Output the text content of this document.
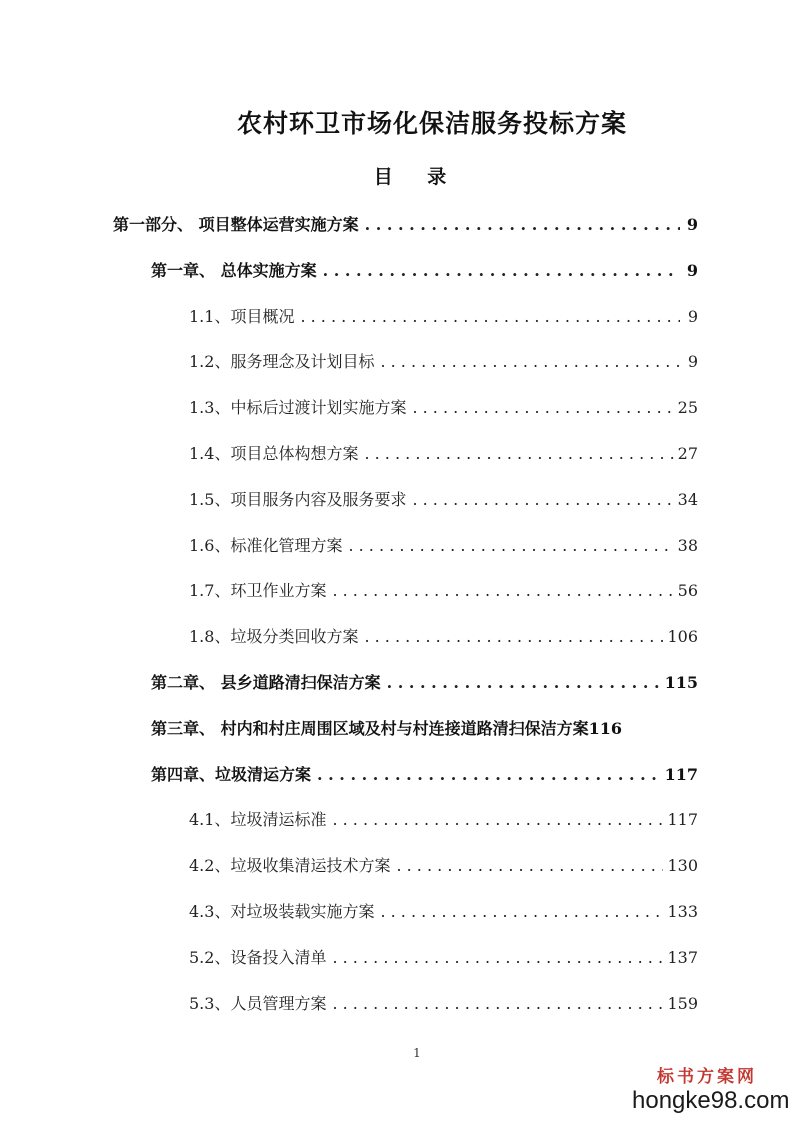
农村环卫市场化保洁服务投标方案
目 录
第一部分、 项目整体运营实施方案 . . .	9
第一章、 总体实施方案 . . .	9
1.1、项目概况 . . .	9
1.2、服务理念及计划目标 . . .	9
1.3、中标后过渡计划实施方案 . . .	25
1.4、项目总体构想方案 . . .	27
1.5、项目服务内容及服务要求 . . .	34
1.6、标准化管理方案 . . .	38
1.7、环卫作业方案 . . .	56
1.8、垃圾分类回收方案 . . .	106
第二章、 县乡道路清扫保洁方案 . . .	115
第三章、 村内和村庄周围区域及村与村连接道路清扫保洁方案 116
第四章、垃圾清运方案 . . .	117
4.1、垃圾清运标准 . . .	117
4.2、垃圾收集清运技术方案 . . .	130
4.3、对垃圾装载实施方案 . . .	133
5.2、设备投入清单 . . .	137
5.3、人员管理方案 . . .	159
1
标书方案网
hongke98.com
